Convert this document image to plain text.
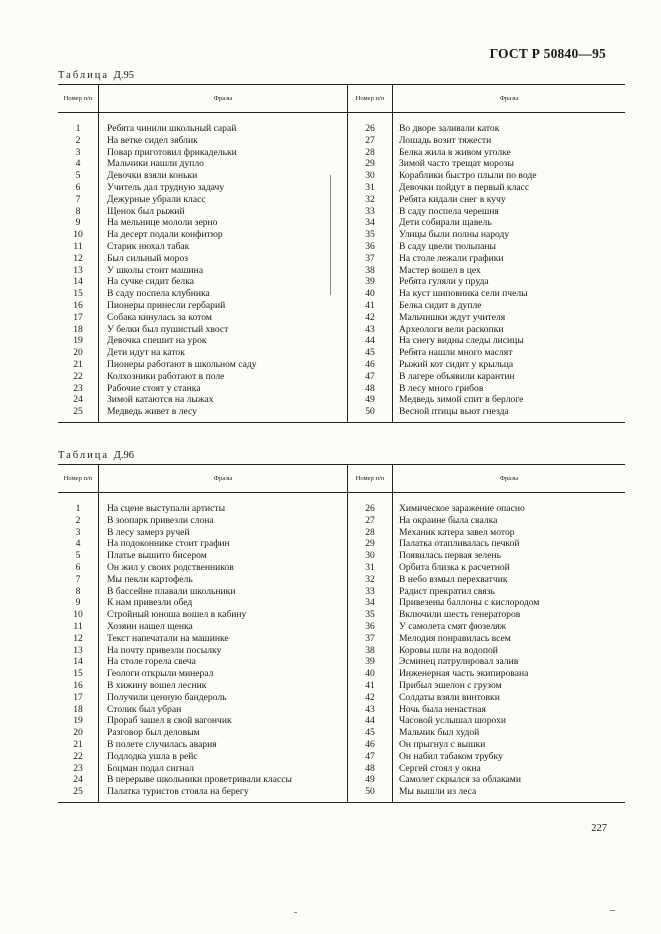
ГОСТ Р 50840—95
Таблица Д.95
Номер п/п	Фразы	Номер п/п	Фразы

1	Ребята чинили школьный сарай	26	Во дворе заливали каток
2	На ветке сидел зяблик	27	Лошадь возит тяжести
3	Повар приготовил фрикадельки	28	Белка жила в живом уголке
4	Мальчики нашли дупло	29	Зимой часто трещат морозы
5	Девочки взяли коньки	30	Кораблики быстро плыли по воде
6	Учитель дал трудную задачу	31	Девочки пойдут в первый класс
7	Дежурные убрали класс	32	Ребята кидали снег в кучу
8	Щенок был рыжий	33	В саду поспела черешня
9	На мельнице мололи зерно	34	Дети собирали щавель
10	На десерт подали конфитюр	35	Улицы были полны народу
11	Старик нюхал табак	36	В саду цвели тюльпаны
12	Был сильный мороз	37	На столе лежали графики
13	У школы стоит машина	38	Мастер вошел в цех
14	На сучке сидит белка	39	Ребята гуляли у пруда
15	В саду поспела клубника	40	На куст шиповника сели пчелы
16	Пионеры принесли гербарий	41	Белка сидит в дупле
17	Собака кинулась за котом	42	Мальчишки ждут учителя
18	У белки был пушистый хвост	43	Археологи вели раскопки
19	Девочка спешит на урок	44	На снегу видны следы лисицы
20	Дети идут на каток	45	Ребята нашли много маслят
21	Пионеры работают в школьном саду	46	Рыжий кот сидит у крыльца
22	Колхозники работают в поле	47	В лагере объявили карантин
23	Рабочие стоят у станка	48	В лесу много грибов
24	Зимой катаются на лыжах	49	Медведь зимой спит в берлоге
25	Медведь живет в лесу	50	Весной птицы вьют гнезда
Таблица Д.96
Номер п/п	Фразы	Номер п/п	Фразы

1	На сцене выступали артисты	26	Химическое заражение опасно
2	В зоопарк привезли слона	27	На окраине была свалка
3	В лесу замерз ручей	28	Механик катера завел мотор
4	На подоконнике стоит графин	29	Палатка отапливалась печкой
5	Платье вышито бисером	30	Появилась первая зелень
6	Он жил у своих родственников	31	Орбита близка к расчетной
7	Мы пекли картофель	32	В небо взмыл перехватчик
8	В бассейне плавали школьники	33	Радист прекратил связь
9	К нам привезли обед	34	Привезены баллоны с кислородом
10	Стройный юноша вошел в кабину	35	Включили шесть генераторов
11	Хозяин нашел щенка	36	У самолета смят фюзеляж
12	Текст напечатали на машинке	37	Мелодия понравилась всем
13	На почту привезли посылку	38	Коровы шли на водопой
14	На столе горела свеча	39	Эсминец патрулировал залив
15	Геологи открыли минерал	40	Инженерная часть экипирована
16	В хижину вошел лесник	41	Прибыл эшелон с грузом
17	Получили ценную бандероль	42	Солдаты взяли винтовки
18	Столик был убран	43	Ночь была ненастная
19	Прораб зашел в свой вагончик	44	Часовой услышал шорохи
20	Разговор был деловым	45	Мальчик был худой
21	В полете случилась авария	46	Он прыгнул с вышки
22	Подлодка ушла в рейс	47	Он набил табаком трубку
23	Боцман подал сигнал	48	Сергей стоял у окна
24	В перерыве школьники проветривали классы	49	Самолет скрылся за облаками
25	Палатка туристов стояла на берегу	50	Мы вышли из леса
227
